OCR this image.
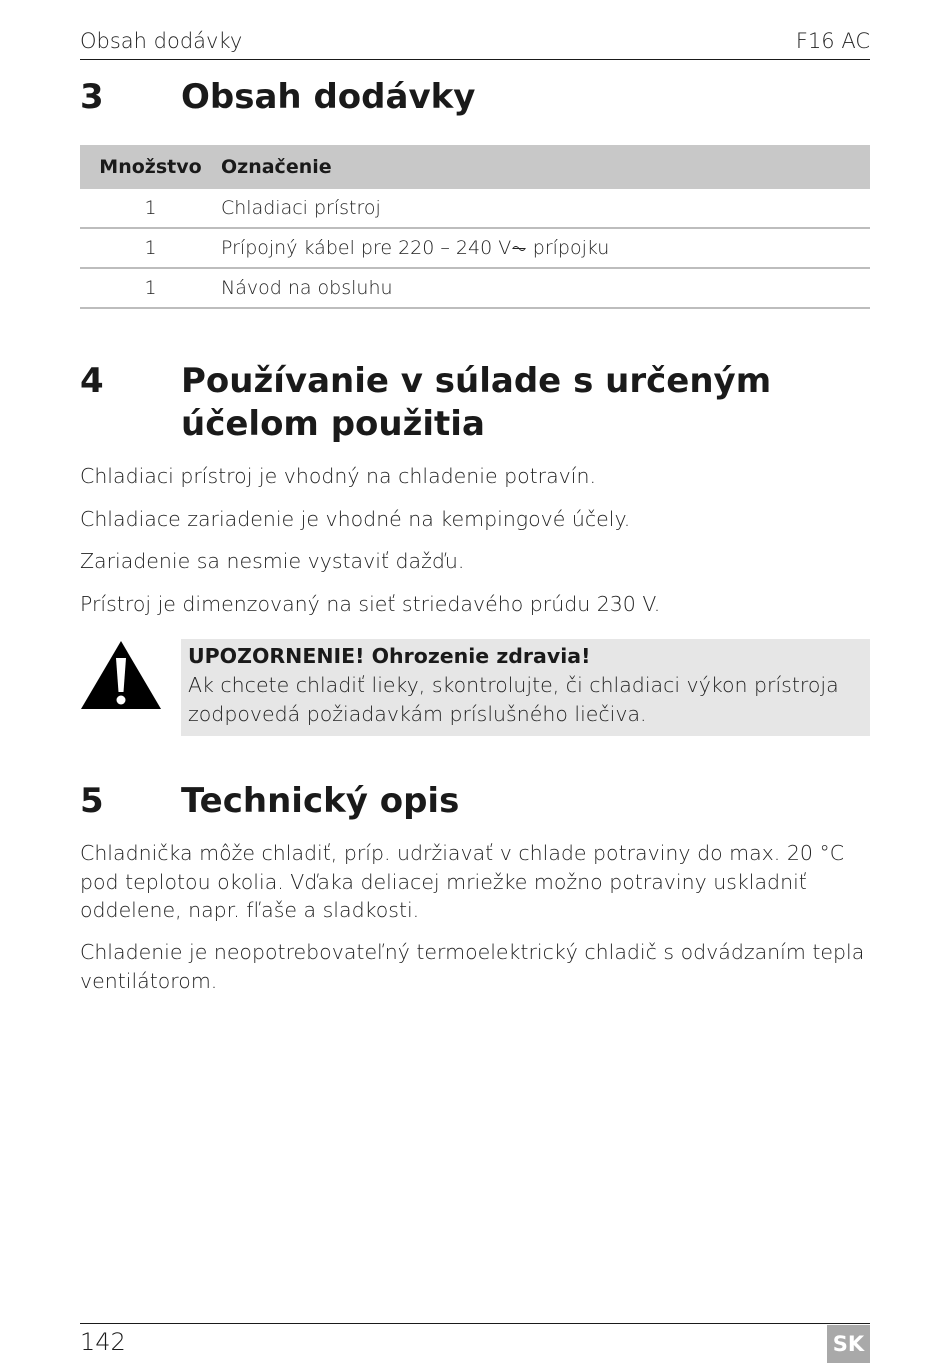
Obsah dodávky	F16 AC
3 Obsah dodávky
Množstvo	Označenie
1	Chladiaci prístroj
1	Prípojný kábel pre 220 – 240 V⏦ prípojku
1	Návod na obsluhu
4 Používanie v súlade s určeným účelom použitia

Chladiaci prístroj je vhodný na chladenie potravín.

Chladiace zariadenie je vhodné na kempingové účely.

Zariadenie sa nesmie vystaviť dažďu.

Prístroj je dimenzovaný na sieť striedavého prúdu 230 V.

UPOZORNENIE! Ohrozenie zdravia!
Ak chcete chladiť lieky, skontrolujte, či chladiaci výkon prístroja zodpovedá požiadavkám príslušného liečiva.
5 Technický opis

Chladnička môže chladiť, príp. udržiavať v chlade potraviny do max. 20 °C pod teplotou okolia. Vďaka deliacej mriežke možno potraviny uskladniť oddelene, napr. fľaše a sladkosti.

Chladenie je neopotrebovateľný termoelektrický chladič s odvádzaním tepla ventilátorom.

142	SK
